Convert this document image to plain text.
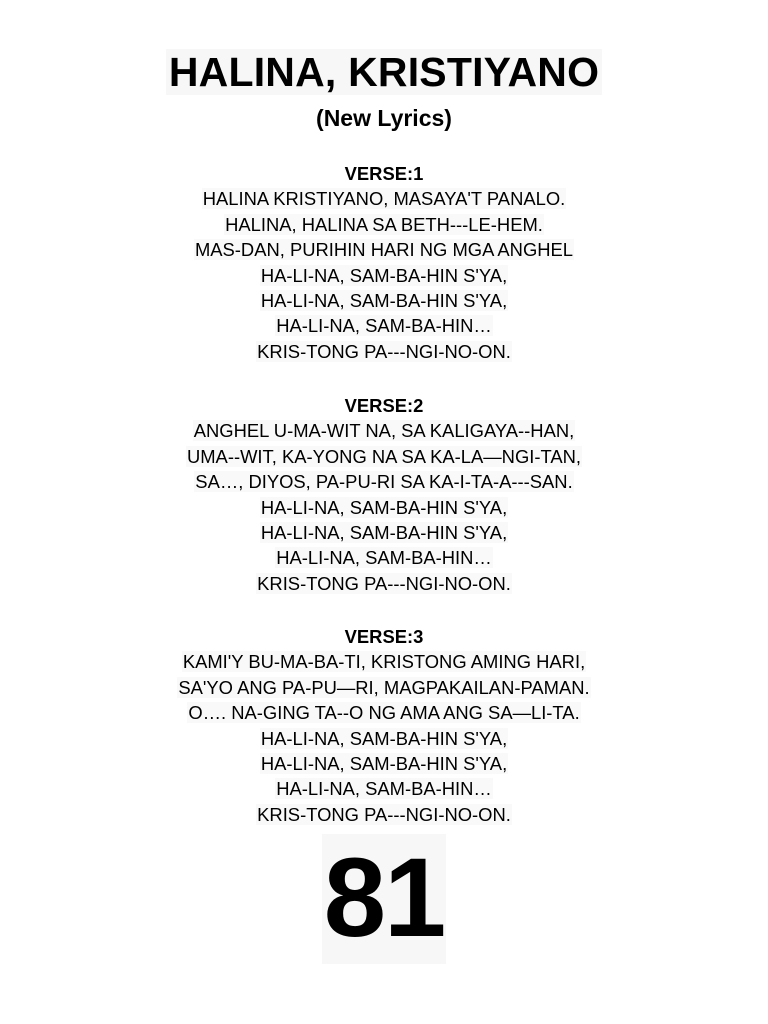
HALINA, KRISTIYANO
(New Lyrics)
VERSE:1
HALINA KRISTIYANO, MASAYA'T PANALO.
HALINA, HALINA SA BETH---LE-HEM.
MAS-DAN, PURIHIN HARI NG MGA ANGHEL
HA-LI-NA, SAM-BA-HIN S'YA,
HA-LI-NA, SAM-BA-HIN S'YA,
HA-LI-NA, SAM-BA-HIN…
KRIS-TONG PA---NGI-NO-ON.
VERSE:2
ANGHEL U-MA-WIT NA, SA KALIGAYA--HAN,
UMA--WIT, KA-YONG NA SA KA-LA—NGI-TAN,
SA…, DIYOS, PA-PU-RI SA KA-I-TA-A---SAN.
HA-LI-NA, SAM-BA-HIN S'YA,
HA-LI-NA, SAM-BA-HIN S'YA,
HA-LI-NA, SAM-BA-HIN…
KRIS-TONG PA---NGI-NO-ON.
VERSE:3
KAMI'Y BU-MA-BA-TI, KRISTONG AMING HARI,
SA'YO ANG PA-PU—RI, MAGPAKAILAN-PAMAN.
O…. NA-GING TA--O NG AMA ANG SA—LI-TA.
HA-LI-NA, SAM-BA-HIN S'YA,
HA-LI-NA, SAM-BA-HIN S'YA,
HA-LI-NA, SAM-BA-HIN…
KRIS-TONG PA---NGI-NO-ON.
81
